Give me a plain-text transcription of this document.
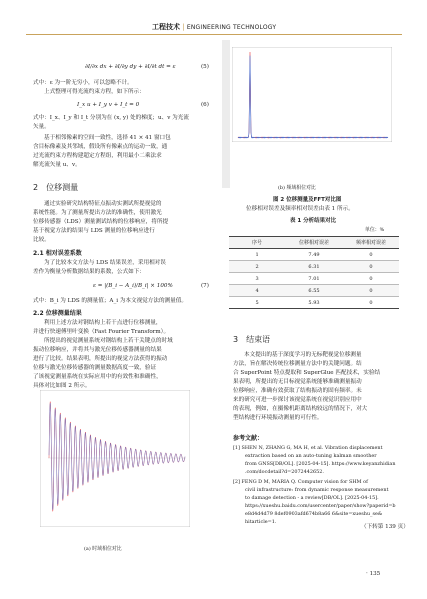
工程技术 | ENGINEERING TECHNOLOGY
∂I/∂x dx + ∂I/∂y dy + ∂I/∂t dt = ε	(5)
式中：ε 为一阶无穷小，可以忽略不计。
上式整理可得光流约束方程，如下所示：
I_x u + I_y v + I_t = 0	(6)
式中：I_x、I_y 和 I_t 分别为在 (x, y) 处的梯度；u、v 为光流
矢量。
基于相邻像素的空间一致性，选择 41 × 41 窗口包
含目标像素及其邻域，假设所有像素点的运动一致，通
过光流约束方程构建超定方程组，利用最小二乘法求
解光流矢量 u、v。
2 位移测量
通过实验研究结构特征点振动实测试所提视觉的
系统性能。为了测量所提出方法的准确性，使用激光
位移传感器（LDS）测量测试结构的位移响应，将所提
基于视觉方法的结果与 LDS 测量的位移响应进行
比较。
2.1 相对误差系数
为了比较本文方法与 LDS 结果误差，采用相对误
差作为衡量分析数据结果的系数，公式如下：
ε = |(B_i − A_i)/B_i| × 100%	(7)
式中：B_i 为 LDS 的测量值；A_i 为本文视觉方法的测量值。
2.2 位移测量结果
利用上述方法对钢结构上若干点进行位移测量，
并进行快速傅里叶变换（Fast Fourier Transform）。
所提出的视觉测量系统对钢结构上若干关键点的时域
振动位移响应，并将其与激光位移传感器测量的结果
进行了比较。结果表明，所提出的视觉方法获得的振动
位移与激光位移传感器的测量数据高度一致，验证
了该视觉测量系统在实际应用中的有效性和准确性，
具体对比如图 2 所示。
(a) 时域相位对比
(b) 频域相位对比
图 2 位移测量及FFT对比图
位移相对误差及频率相对误差由表 1 所示。
表 1 分析结果对比
单位：%
序号	位移相对误差	频率相对误差
1	7.49	0
2	6.31	0
3	7.01	0
4	6.55	0
5	5.93	0
3 结束语
本文提出的基于深度学习的无标靶视觉位移测量
方法，旨在解决传统位移测量方法中的关键问题。结
合 SuperPoint 特点提取和 SuperGlue 匹配技术，实验结
果表明，所提出的无目标视觉系统能够准确测量振动
位移响应，准确有效获取了结构振动的固有频率。未
来的研究可进一步探讨该视觉系统在视觉识别应用中
的表现，例如，在摄像机距离结构较远的情况下，对大
型结构进行环境振动测量的可行性。
参考文献：
[1] SHEN N, ZHANG G, MA H, et al. Vibration displacement
extraction based on an auto-tuning kalman smoother
from GNSS[DB/OL]. [2025-04-15]. https://www.keyanzhidian
.com/docdetail?d=2072442652.
[2] FENG D M, MARIA Q. Computer vision for SHM of
civil infrastructure: from dynamic response measurement
to damage detection - a review[DB/OL]. [2025-04-15].
https://xueshu.baidu.com/usercenter/paper/show?paperid=b
e8d4d4d79 8def0903afd674b8a66 6&site=xueshu_se&
hitarticle=1.
（下转第 139 页）
· 135
